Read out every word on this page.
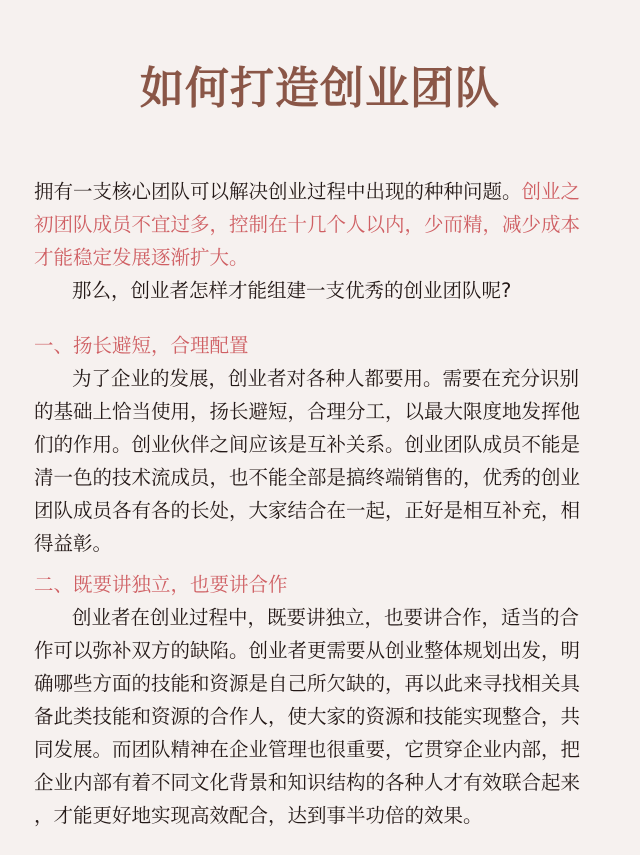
如何打造创业团队
拥有一支核心团队可以解决创业过程中出现的种种问题。创业之
初团队成员不宜过多，控制在十几个人以内，少而精，减少成本
才能稳定发展逐渐扩大。
那么，创业者怎样才能组建一支优秀的创业团队呢?
一、扬长避短，合理配置
为了企业的发展，创业者对各种人都要用。需要在充分识别
的基础上恰当使用，扬长避短，合理分工，以最大限度地发挥他
们的作用。创业伙伴之间应该是互补关系。创业团队成员不能是
清一色的技术流成员，也不能全部是搞终端销售的，优秀的创业
团队成员各有各的长处，大家结合在一起，正好是相互补充，相
得益彰。
二、既要讲独立，也要讲合作
创业者在创业过程中，既要讲独立，也要讲合作，适当的合
作可以弥补双方的缺陷。创业者更需要从创业整体规划出发，明
确哪些方面的技能和资源是自己所欠缺的，再以此来寻找相关具
备此类技能和资源的合作人，使大家的资源和技能实现整合，共
同发展。而团队精神在企业管理也很重要，它贯穿企业内部，把
企业内部有着不同文化背景和知识结构的各种人才有效联合起来
，才能更好地实现高效配合，达到事半功倍的效果。
